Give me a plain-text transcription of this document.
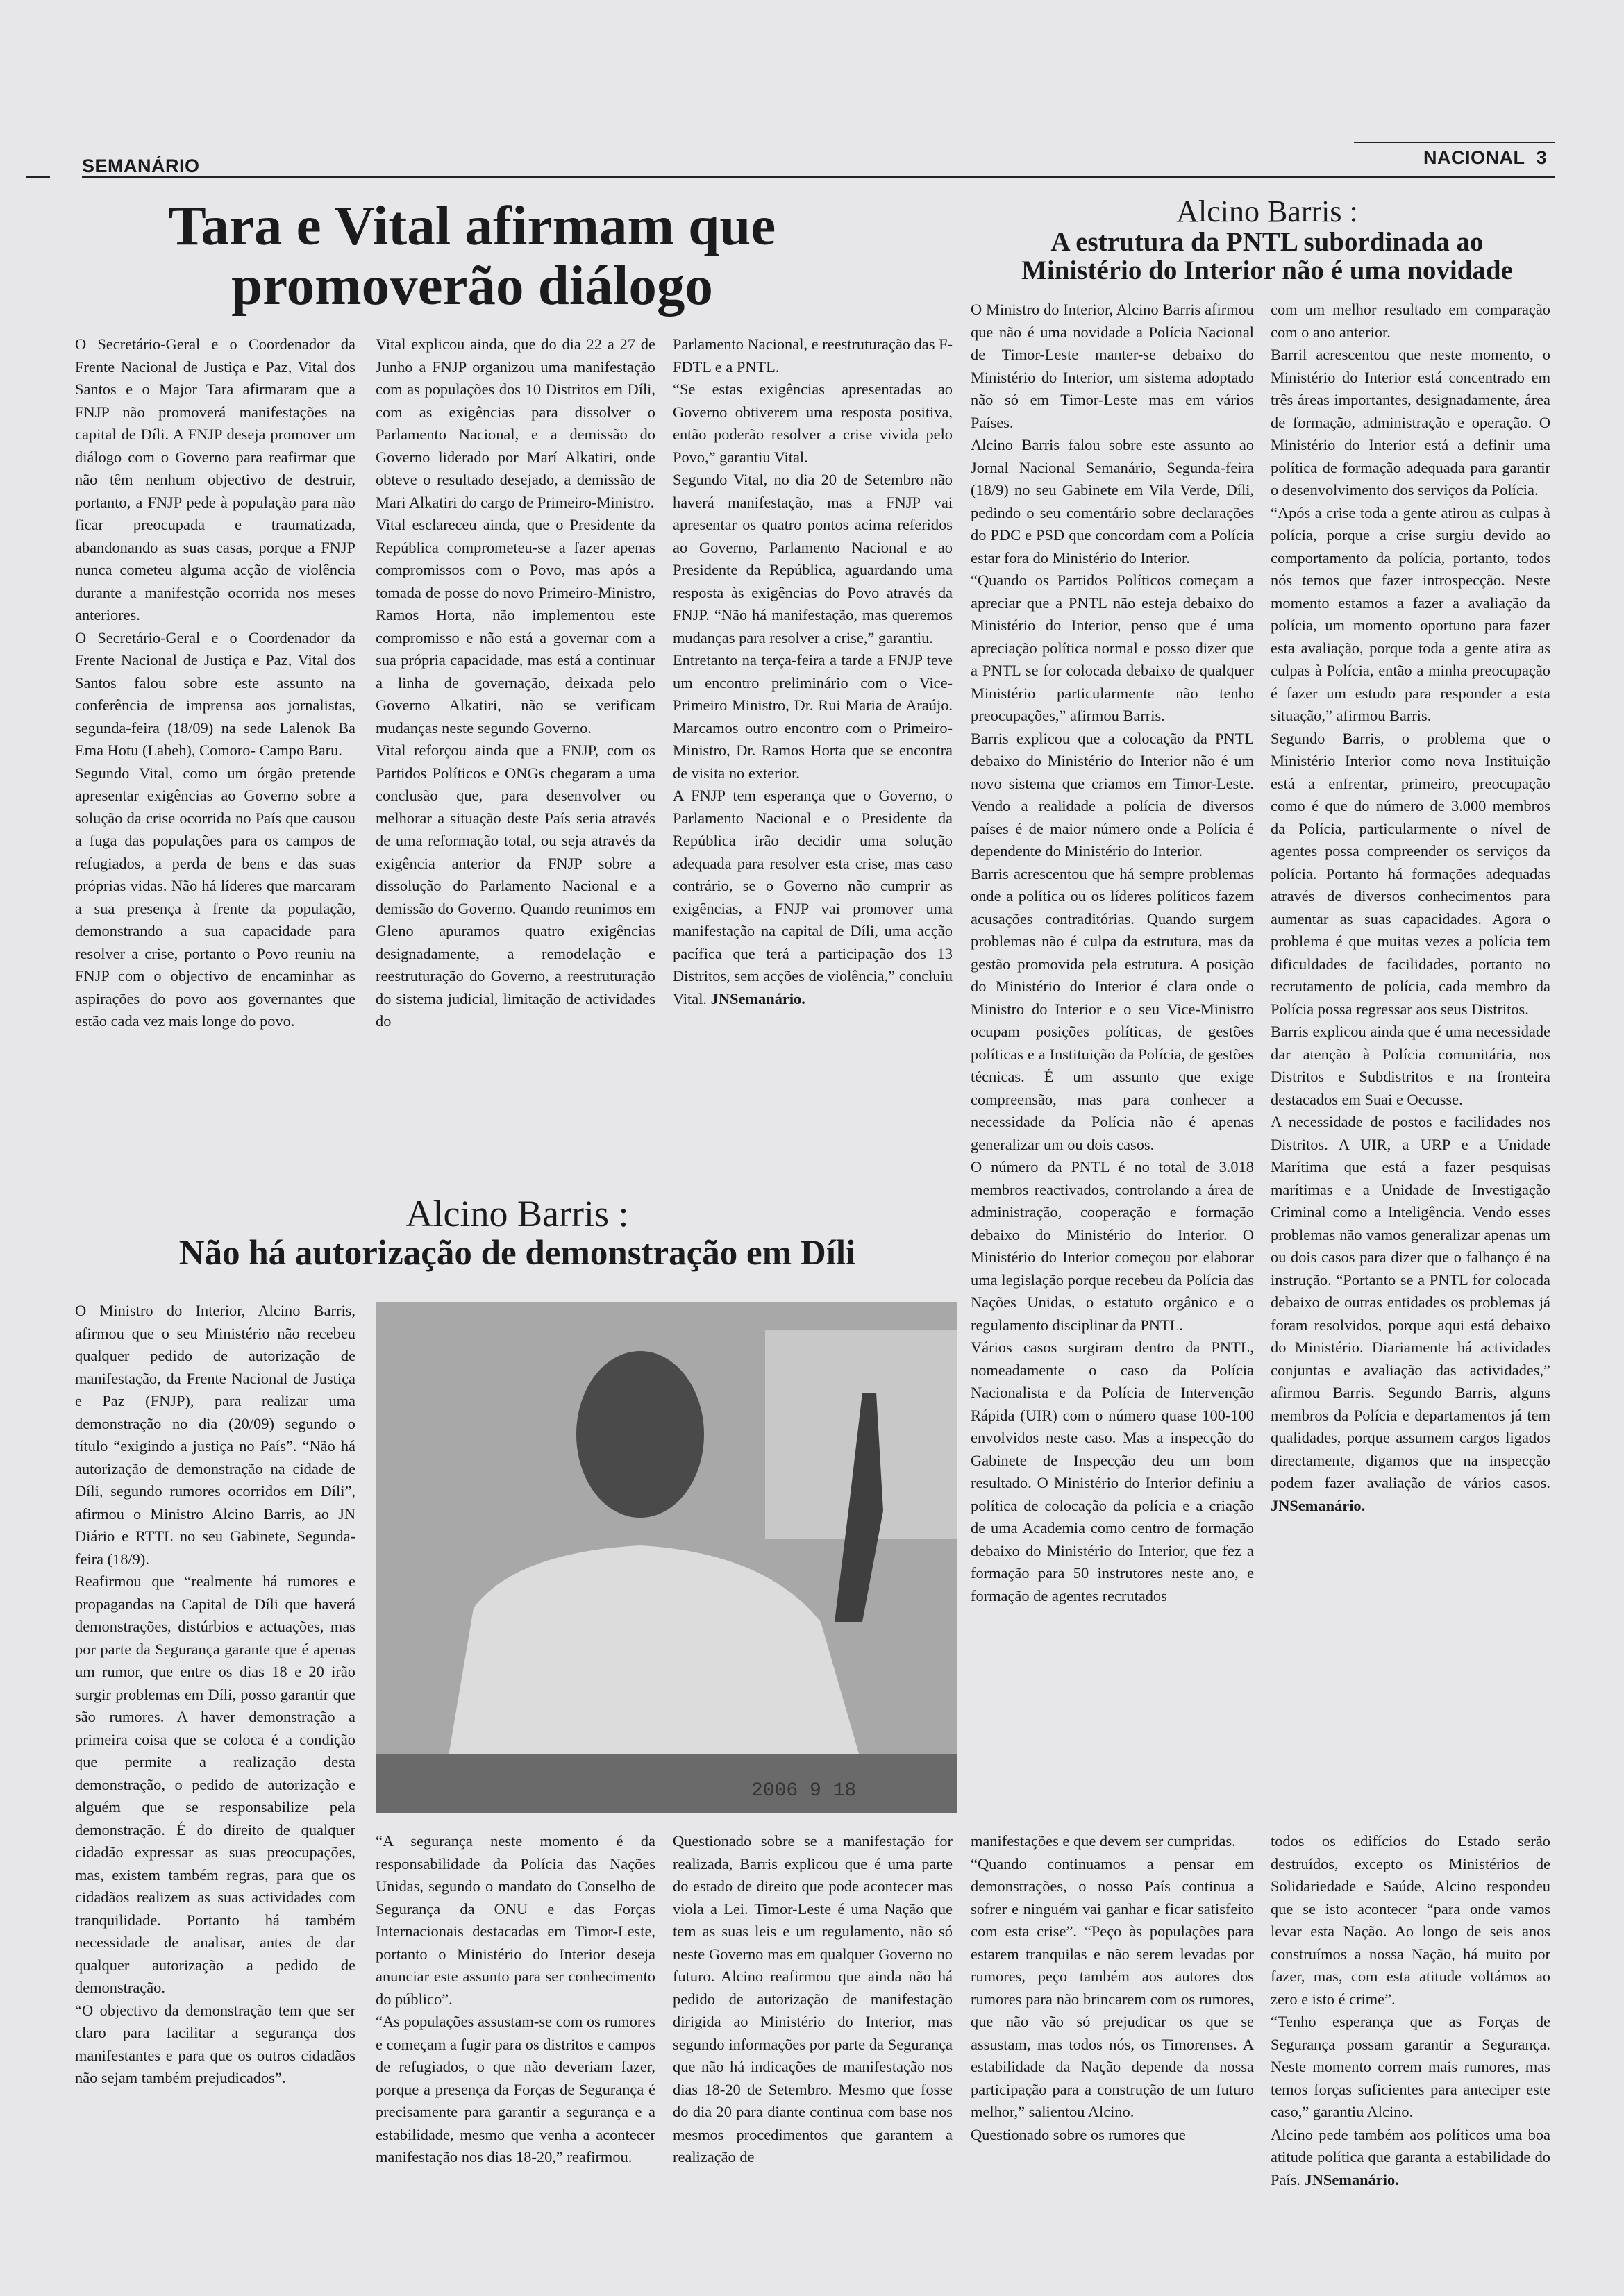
SEMANÁRIO	NACIONAL 3
Tara e Vital afirmam que
promoverão diálogo

O Secretário-Geral e o Coordenador da Frente Nacional de Justiça e Paz, Vital dos Santos e o Major Tara afirmaram que a FNJP não promoverá manifestações na capital de Díli. A FNJP deseja promover um diálogo com o Governo para reafirmar que não têm nenhum objectivo de destruir, portanto, a FNJP pede à população para não ficar preocupada e traumatizada, abandonando as suas casas, porque a FNJP nunca cometeu alguma acção de violência durante a manifestção ocorrida nos meses anteriores.

O Secretário-Geral e o Coordenador da Frente Nacional de Justiça e Paz, Vital dos Santos falou sobre este assunto na conferência de imprensa aos jornalistas, segunda-feira (18/09) na sede Lalenok Ba Ema Hotu (Labeh), Comoro- Campo Baru.

Segundo Vital, como um órgão pretende apresentar exigências ao Governo sobre a solução da crise ocorrida no País que causou a fuga das populações para os campos de refugiados, a perda de bens e das suas próprias vidas. Não há líderes que marcaram a sua presença à frente da população, demonstrando a sua capacidade para resolver a crise, portanto o Povo reuniu na FNJP com o objectivo de encaminhar as aspirações do povo aos governantes que estão cada vez mais longe do povo.

Vital explicou ainda, que do dia 22 a 27 de Junho a FNJP organizou uma manifestação com as populações dos 10 Distritos em Díli, com as exigências para dissolver o Parlamento Nacional, e a demissão do Governo liderado por Marí Alkatiri, onde obteve o resultado desejado, a demissão de Mari Alkatiri do cargo de Primeiro-Ministro.

Vital esclareceu ainda, que o Presidente da República comprometeu-se a fazer apenas compromissos com o Povo, mas após a tomada de posse do novo Primeiro-Ministro, Ramos Horta, não implementou este compromisso e não está a governar com a sua própria capacidade, mas está a continuar a linha de governação, deixada pelo Governo Alkatiri, não se verificam mudanças neste segundo Governo.

Vital reforçou ainda que a FNJP, com os Partidos Políticos e ONGs chegaram a uma conclusão que, para desenvolver ou melhorar a situação deste País seria através de uma reformação total, ou seja através da exigência anterior da FNJP sobre a dissolução do Parlamento Nacional e a demissão do Governo. Quando reunimos em Gleno apuramos quatro exigências designadamente, a remodelação e reestruturação do Governo, a reestruturação do sistema judicial, limitação de actividades do

Parlamento Nacional, e reestruturação das F-FDTL e a PNTL.

“Se estas exigências apresentadas ao Governo obtiverem uma resposta positiva, então poderão resolver a crise vivida pelo Povo,” garantiu Vital.

Segundo Vital, no dia 20 de Setembro não haverá manifestação, mas a FNJP vai apresentar os quatro pontos acima referidos ao Governo, Parlamento Nacional e ao Presidente da República, aguardando uma resposta às exigências do Povo através da FNJP. “Não há manifestação, mas queremos mudanças para resolver a crise,” garantiu.

Entretanto na terça-feira a tarde a FNJP teve um encontro preliminário com o Vice-Primeiro Ministro, Dr. Rui Maria de Araújo. Marcamos outro encontro com o Primeiro-Ministro, Dr. Ramos Horta que se encontra de visita no exterior.

A FNJP tem esperança que o Governo, o Parlamento Nacional e o Presidente da República irão decidir uma solução adequada para resolver esta crise, mas caso contrário, se o Governo não cumprir as exigências, a FNJP vai promover uma manifestação na capital de Díli, uma acção pacífica que terá a participação dos 13 Distritos, sem acções de violência,” concluiu Vital. JNSemanário.

Alcino Barris :
A estrutura da PNTL subordinada ao
Ministério do Interior não é uma novidade

O Ministro do Interior, Alcino Barris afirmou que não é uma novidade a Polícia Nacional de Timor-Leste manter-se debaixo do Ministério do Interior, um sistema adoptado não só em Timor-Leste mas em vários Países.

Alcino Barris falou sobre este assunto ao Jornal Nacional Semanário, Segunda-feira (18/9) no seu Gabinete em Vila Verde, Díli, pedindo o seu comentário sobre declarações do PDC e PSD que concordam com a Polícia estar fora do Ministério do Interior.

“Quando os Partidos Políticos começam a apreciar que a PNTL não esteja debaixo do Ministério do Interior, penso que é uma apreciação política normal e posso dizer que a PNTL se for colocada debaixo de qualquer Ministério particularmente não tenho preocupações,” afirmou Barris.

Barris explicou que a colocação da PNTL debaixo do Ministério do Interior não é um novo sistema que criamos em Timor-Leste. Vendo a realidade a polícia de diversos países é de maior número onde a Polícia é dependente do Ministério do Interior.

Barris acrescentou que há sempre problemas onde a política ou os líderes políticos fazem acusações contraditórias. Quando surgem problemas não é culpa da estrutura, mas da gestão promovida pela estrutura. A posição do Ministério do Interior é clara onde o Ministro do Interior e o seu Vice-Ministro ocupam posições políticas, de gestões políticas e a Instituição da Polícia, de gestões técnicas. É um assunto que exige compreensão, mas para conhecer a necessidade da Polícia não é apenas generalizar um ou dois casos.

O número da PNTL é no total de 3.018 membros reactivados, controlando a área de administração, cooperação e formação debaixo do Ministério do Interior. O Ministério do Interior começou por elaborar uma legislação porque recebeu da Polícia das Nações Unidas, o estatuto orgânico e o regulamento disciplinar da PNTL.

Vários casos surgiram dentro da PNTL, nomeadamente o caso da Polícia Nacionalista e da Polícia de Intervenção Rápida (UIR) com o número quase 100-100 envolvidos neste caso. Mas a inspecção do Gabinete de Inspecção deu um bom resultado. O Ministério do Interior definiu a política de colocação da polícia e a criação de uma Academia como centro de formação debaixo do Ministério do Interior, que fez a formação para 50 instrutores neste ano, e formação de agentes recrutados

com um melhor resultado em comparação com o ano anterior.

Barril acrescentou que neste momento, o Ministério do Interior está concentrado em três áreas importantes, designadamente, área de formação, administração e operação. O Ministério do Interior está a definir uma política de formação adequada para garantir o desenvolvimento dos serviços da Polícia.

“Após a crise toda a gente atirou as culpas à polícia, porque a crise surgiu devido ao comportamento da polícia, portanto, todos nós temos que fazer introspecção. Neste momento estamos a fazer a avaliação da polícia, um momento oportuno para fazer esta avaliação, porque toda a gente atira as culpas à Polícia, então a minha preocupação é fazer um estudo para responder a esta situação,” afirmou Barris.

Segundo Barris, o problema que o Ministério Interior como nova Instituição está a enfrentar, primeiro, preocupação como é que do número de 3.000 membros da Polícia, particularmente o nível de agentes possa compreender os serviços da polícia. Portanto há formações adequadas através de diversos conhecimentos para aumentar as suas capacidades. Agora o problema é que muitas vezes a polícia tem dificuldades de facilidades, portanto no recrutamento de polícia, cada membro da Polícia possa regressar aos seus Distritos.

Barris explicou ainda que é uma necessidade dar atenção à Polícia comunitária, nos Distritos e Subdistritos e na fronteira destacados em Suai e Oecusse.

A necessidade de postos e facilidades nos Distritos. A UIR, a URP e a Unidade Marítima que está a fazer pesquisas marítimas e a Unidade de Investigação Criminal como a Inteligência. Vendo esses problemas não vamos generalizar apenas um ou dois casos para dizer que o falhanço é na instrução. “Portanto se a PNTL for colocada debaixo de outras entidades os problemas já foram resolvidos, porque aqui está debaixo do Ministério. Diariamente há actividades conjuntas e avaliação das actividades,” afirmou Barris. Segundo Barris, alguns membros da Polícia e departamentos já tem qualidades, porque assumem cargos ligados directamente, digamos que na inspecção podem fazer avaliação de vários casos. JNSemanário.

Alcino Barris :
Não há autorização de demonstração em Díli

O Ministro do Interior, Alcino Barris, afirmou que o seu Ministério não recebeu qualquer pedido de autorização de manifestação, da Frente Nacional de Justiça e Paz (FNJP), para realizar uma demonstração no dia (20/09) segundo o título “exigindo a justiça no País”. “Não há autorização de demonstração na cidade de Díli, segundo rumores ocorridos em Díli”, afirmou o Ministro Alcino Barris, ao JN Diário e RTTL no seu Gabinete, Segunda-feira (18/9).

Reafirmou que “realmente há rumores e propagandas na Capital de Díli que haverá demonstrações, distúrbios e actuações, mas por parte da Segurança garante que é apenas um rumor, que entre os dias 18 e 20 irão surgir problemas em Díli, posso garantir que são rumores. A haver demonstração a primeira coisa que se coloca é a condição que permite a realização desta demonstração, o pedido de autorização e alguém que se responsabilize pela demonstração. É do direito de qualquer cidadão expressar as suas preocupações, mas, existem também regras, para que os cidadãos realizem as suas actividades com tranquilidade. Portanto há também necessidade de analisar, antes de dar qualquer autorização a pedido de demonstração.

“O objectivo da demonstração tem que ser claro para facilitar a segurança dos manifestantes e para que os outros cidadãos não sejam também prejudicados”.

2006 9 18

“A segurança neste momento é da responsabilidade da Polícia das Nações Unidas, segundo o mandato do Conselho de Segurança da ONU e das Forças Internacionais destacadas em Timor-Leste, portanto o Ministério do Interior deseja anunciar este assunto para ser conhecimento do público”.

“As populações assustam-se com os rumores e começam a fugir para os distritos e campos de refugiados, o que não deveriam fazer, porque a presença da Forças de Segurança é precisamente para garantir a segurança e a estabilidade, mesmo que venha a acontecer manifestação nos dias 18-20,” reafirmou.

Questionado sobre se a manifestação for realizada, Barris explicou que é uma parte do estado de direito que pode acontecer mas viola a Lei. Timor-Leste é uma Nação que tem as suas leis e um regulamento, não só neste Governo mas em qualquer Governo no futuro. Alcino reafirmou que ainda não há pedido de autorização de manifestação dirigida ao Ministério do Interior, mas segundo informações por parte da Segurança que não há indicações de manifestação nos dias 18-20 de Setembro. Mesmo que fosse do dia 20 para diante continua com base nos mesmos procedimentos que garantem a realização de

manifestações e que devem ser cumpridas.

“Quando continuamos a pensar em demonstrações, o nosso País continua a sofrer e ninguém vai ganhar e ficar satisfeito com esta crise”. “Peço às populações para estarem tranquilas e não serem levadas por rumores, peço também aos autores dos rumores para não brincarem com os rumores, que não vão só prejudicar os que se assustam, mas todos nós, os Timorenses. A estabilidade da Nação depende da nossa participação para a construção de um futuro melhor,” salientou Alcino.

Questionado sobre os rumores que

todos os edifícios do Estado serão destruídos, excepto os Ministérios de Solidariedade e Saúde, Alcino respondeu que se isto acontecer “para onde vamos levar esta Nação. Ao longo de seis anos construímos a nossa Nação, há muito por fazer, mas, com esta atitude voltámos ao zero e isto é crime”.

“Tenho esperança que as Forças de Segurança possam garantir a Segurança. Neste momento correm mais rumores, mas temos forças suficientes para anteciper este caso,” garantiu Alcino.

Alcino pede também aos políticos uma boa atitude política que garanta a estabilidade do País. JNSemanário.
